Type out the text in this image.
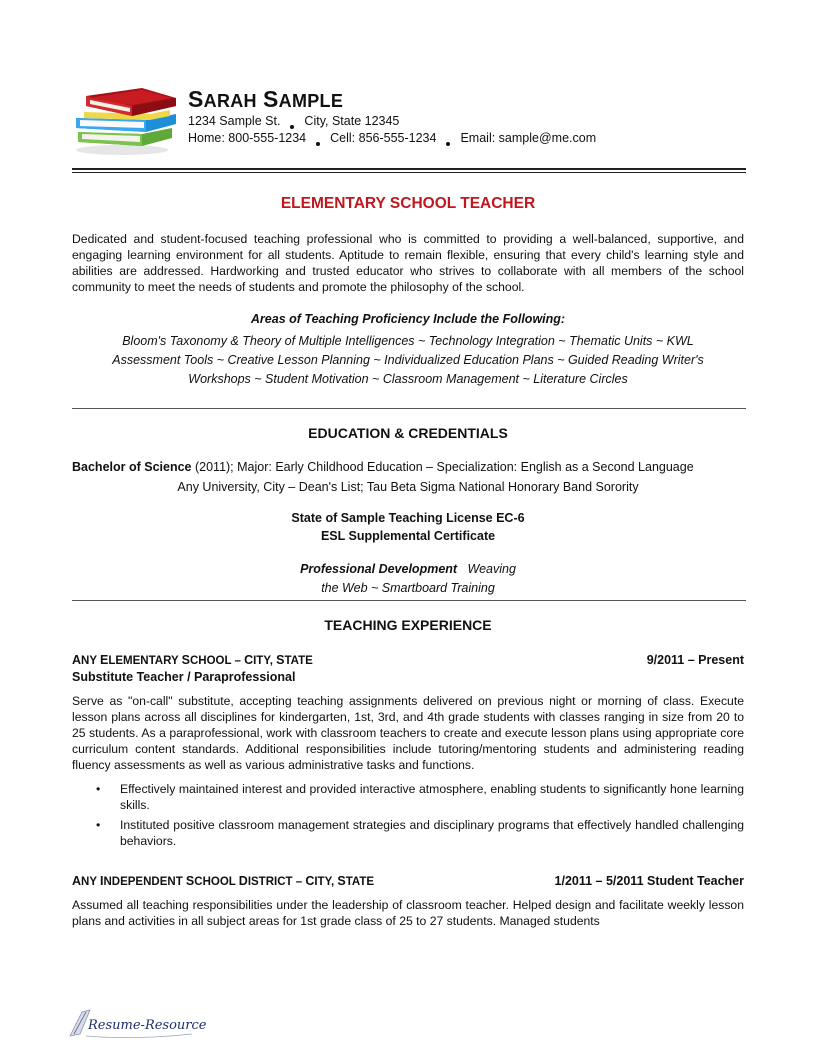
SARAH SAMPLE
1234 Sample St. City, State 12345
Home: 800-555-1234 Cell: 856-555-1234 Email: sample@me.com
ELEMENTARY SCHOOL TEACHER
Dedicated and student-focused teaching professional who is committed to providing a well-balanced, supportive, and engaging learning environment for all students. Aptitude to remain flexible, ensuring that every child's learning style and abilities are addressed. Hardworking and trusted educator who strives to collaborate with all members of the school community to meet the needs of students and promote the philosophy of the school.
Areas of Teaching Proficiency Include the Following:
Bloom's Taxonomy & Theory of Multiple Intelligences ~ Technology Integration ~ Thematic Units ~ KWL
Assessment Tools ~ Creative Lesson Planning ~ Individualized Education Plans ~ Guided Reading Writer's
Workshops ~ Student Motivation ~ Classroom Management ~ Literature Circles
EDUCATION & CREDENTIALS
Bachelor of Science (2011); Major: Early Childhood Education – Specialization: English as a Second Language
Any University, City – Dean's List; Tau Beta Sigma National Honorary Band Sorority
State of Sample Teaching License EC-6
ESL Supplemental Certificate
Professional Development Weaving
the Web ~ Smartboard Training
TEACHING EXPERIENCE
ANY ELEMENTARY SCHOOL – CITY, STATE	9/2011 – Present
Substitute Teacher / Paraprofessional
Serve as "on-call" substitute, accepting teaching assignments delivered on previous night or morning of class. Execute lesson plans across all disciplines for kindergarten, 1st, 3rd, and 4th grade students with classes ranging in size from 20 to 25 students. As a paraprofessional, work with classroom teachers to create and execute lesson plans using appropriate core curriculum content standards. Additional responsibilities include tutoring/mentoring students and administering reading fluency assessments as well as various administrative tasks and functions.
• Effectively maintained interest and provided interactive atmosphere, enabling students to significantly hone learning skills.
• Instituted positive classroom management strategies and disciplinary programs that effectively handled challenging behaviors.
ANY INDEPENDENT SCHOOL DISTRICT – CITY, STATE	1/2011 – 5/2011 Student Teacher
Assumed all teaching responsibilities under the leadership of classroom teacher. Helped design and facilitate weekly lesson plans and activities in all subject areas for 1st grade class of 25 to 27 students. Managed students
Resume-Resource
